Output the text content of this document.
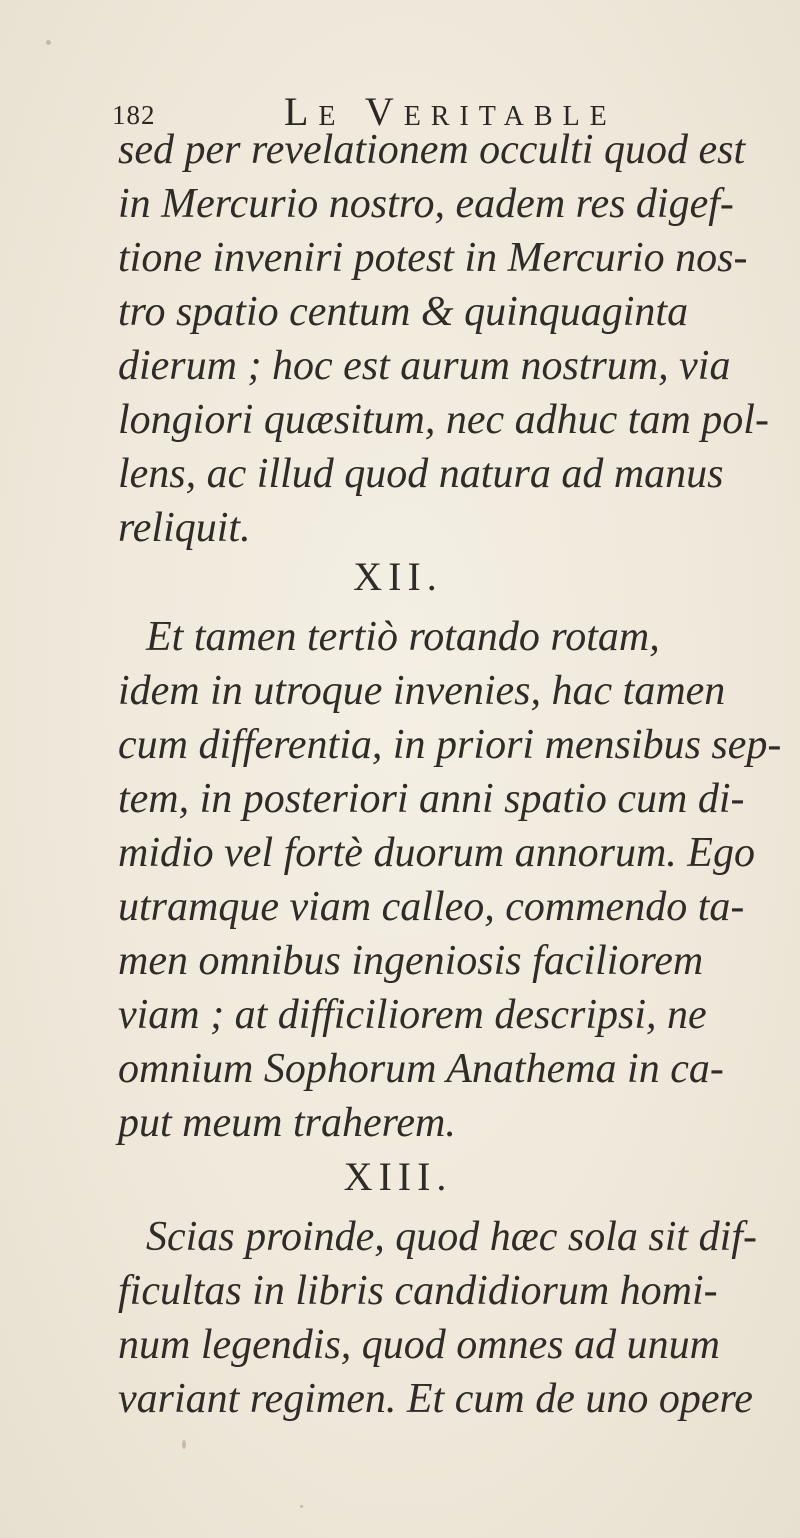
182	Le Veritable
sed per revelationem occulti quod est
in Mercurio nostro, eadem res digef-
tione inveniri potest in Mercurio nos-
tro spatio centum & quinquaginta
dierum ; hoc est aurum nostrum, via
longiori quæsitum, nec adhuc tam pol-
lens, ac illud quod natura ad manus
reliquit.
XII.
Et tamen tertiò rotando rotam,
idem in utroque invenies, hac tamen
cum differentia, in priori mensibus sep-
tem, in posteriori anni spatio cum di-
midio vel fortè duorum annorum. Ego
utramque viam calleo, commendo ta-
men omnibus ingeniosis faciliorem
viam ; at difficiliorem descripsi, ne
omnium Sophorum Anathema in ca-
put meum traherem.
XIII.
Scias proinde, quod hæc sola sit dif-
ficultas in libris candidiorum homi-
num legendis, quod omnes ad unum
variant regimen. Et cum de uno opere
